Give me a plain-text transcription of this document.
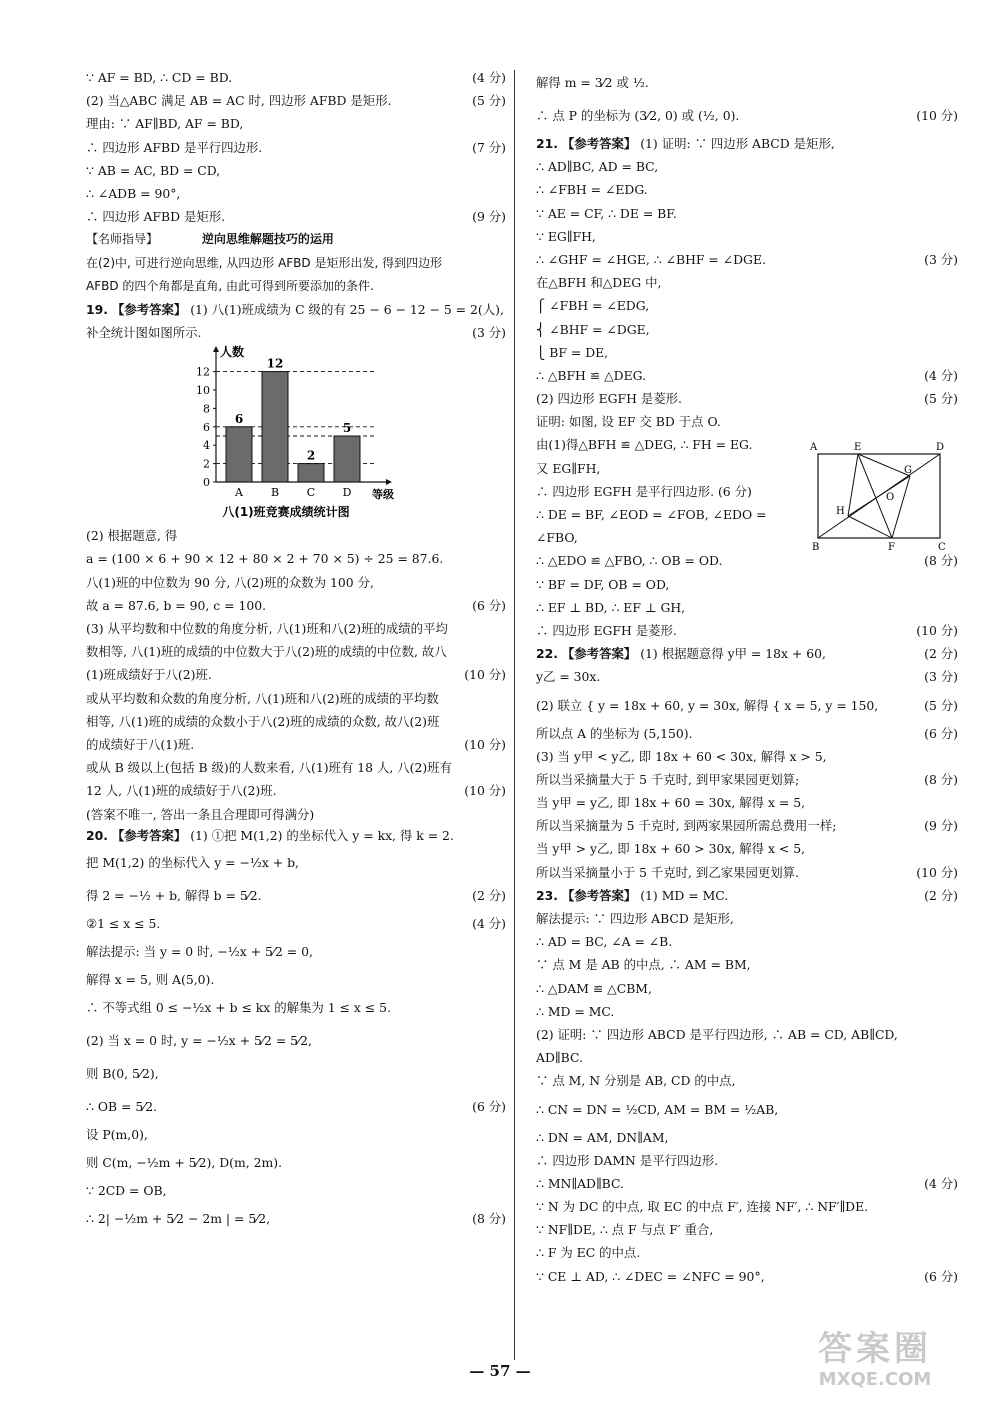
∵ AF = BD, ∴ CD = BD.	(4 分)
(2) 当△ABC 满足 AB = AC 时, 四边形 AFBD 是矩形.	(5 分)
理由: ∵ AF∥BD, AF = BD,
∴ 四边形 AFBD 是平行四边形.	(7 分)
∵ AB = AC, BD = CD,
∴ ∠ADB = 90°,
∴ 四边形 AFBD 是矩形.	(9 分)
【名师指导】	逆向思维解题技巧的运用
在(2)中, 可进行逆向思维, 从四边形 AFBD 是矩形出发, 得到四边形
AFBD 的四个角都是直角, 由此可得到所要添加的条件.
19. 【参考答案】 (1) 八(1)班成绩为 C 级的有 25 − 6 − 12 − 5 = 2(人),
补全统计图如图所示.	(3 分)
0
2
4
6
8
10
12
6
A
12
B
2
C
5
D
人数
等级
八(1)班竞赛成绩统计图
(2) 根据题意, 得
a = (100 × 6 + 90 × 12 + 80 × 2 + 70 × 5) ÷ 25 = 87.6.
八(1)班的中位数为 90 分, 八(2)班的众数为 100 分,
故 a = 87.6, b = 90, c = 100.	(6 分)
(3) 从平均数和中位数的角度分析, 八(1)班和八(2)班的成绩的平均
数相等, 八(1)班的成绩的中位数大于八(2)班的成绩的中位数, 故八
(1)班成绩好于八(2)班.	(10 分)
或从平均数和众数的角度分析, 八(1)班和八(2)班的成绩的平均数
相等, 八(1)班的成绩的众数小于八(2)班的成绩的众数, 故八(2)班
的成绩好于八(1)班.	(10 分)
或从 B 级以上(包括 B 级)的人数来看, 八(1)班有 18 人, 八(2)班有
12 人, 八(1)班的成绩好于八(2)班.	(10 分)
(答案不唯一, 答出一条且合理即可得满分)
20. 【参考答案】 (1) ①把 M(1,2) 的坐标代入 y = kx, 得 k = 2.
把 M(1,2) 的坐标代入 y = −½x + b,
得 2 = −½ + b, 解得 b = 5⁄2.	(2 分)
②1 ≤ x ≤ 5.	(4 分)
解法提示: 当 y = 0 时, −½x + 5⁄2 = 0,
解得 x = 5, 则 A(5,0).
∴ 不等式组 0 ≤ −½x + b ≤ kx 的解集为 1 ≤ x ≤ 5.
(2) 当 x = 0 时, y = −½x + 5⁄2 = 5⁄2,
则 B(0, 5⁄2),
∴ OB = 5⁄2.	(6 分)
设 P(m,0),
则 C(m, −½m + 5⁄2), D(m, 2m).
∵ 2CD = OB,
∴ 2| −½m + 5⁄2 − 2m | = 5⁄2,	(8 分)
解得 m = 3⁄2 或 ½.
∴ 点 P 的坐标为 (3⁄2, 0) 或 (½, 0).	(10 分)
21. 【参考答案】 (1) 证明: ∵ 四边形 ABCD 是矩形,
∴ AD∥BC, AD = BC,
∴ ∠FBH = ∠EDG.
∵ AE = CF, ∴ DE = BF.
∵ EG∥FH,
∴ ∠GHF = ∠HGE, ∴ ∠BHF = ∠DGE.	(3 分)
在△BFH 和△DEG 中,
⎧ ∠FBH = ∠EDG,
⎨ ∠BHF = ∠DGE,
⎩ BF = DE,
∴ △BFH ≌ △DEG.	(4 分)
(2) 四边形 EGFH 是菱形.	(5 分)
证明: 如图, 设 EF 交 BD 于点 O.
由(1)得△BFH ≌ △DEG, ∴ FH = EG.
又 EG∥FH,
∴ 四边形 EGFH 是平行四边形. (6 分)
∴ DE = BF, ∠EOD = ∠FOB, ∠EDO =
∠FBO,
∴ △EDO ≌ △FBO, ∴ OB = OD.	(8 分)
∵ BF = DF, OB = OD,
∴ EF ⊥ BD, ∴ EF ⊥ GH,
∴ 四边形 EGFH 是菱形.	(10 分)
22. 【参考答案】 (1) 根据题意得 y甲 = 18x + 60,	(2 分)
y乙 = 30x.	(3 分)
(2) 联立 { y = 18x + 60, y = 30x, 解得 { x = 5, y = 150,	(5 分)
所以点 A 的坐标为 (5,150).	(6 分)
(3) 当 y甲 < y乙, 即 18x + 60 < 30x, 解得 x > 5,
所以当采摘量大于 5 千克时, 到甲家果园更划算;	(8 分)
当 y甲 = y乙, 即 18x + 60 = 30x, 解得 x = 5,
所以当采摘量为 5 千克时, 到两家果园所需总费用一样;	(9 分)
当 y甲 > y乙, 即 18x + 60 > 30x, 解得 x < 5,
所以当采摘量小于 5 千克时, 到乙家果园更划算.	(10 分)
23. 【参考答案】 (1) MD = MC.	(2 分)
解法提示: ∵ 四边形 ABCD 是矩形,
∴ AD = BC, ∠A = ∠B.
∵ 点 M 是 AB 的中点, ∴ AM = BM,
∴ △DAM ≌ △CBM,
∴ MD = MC.
(2) 证明: ∵ 四边形 ABCD 是平行四边形, ∴ AB = CD, AB∥CD,
AD∥BC.
∵ 点 M, N 分别是 AB, CD 的中点,
∴ CN = DN = ½CD, AM = BM = ½AB,
∴ DN = AM, DN∥AM,
∴ 四边形 DAMN 是平行四边形.
∴ MN∥AD∥BC.	(4 分)
∵ N 为 DC 的中点, 取 EC 的中点 F′, 连接 NF′, ∴ NF′∥DE.
∵ NF∥DE, ∴ 点 F 与点 F′ 重合,
∴ F 为 EC 的中点.
∵ CE ⊥ AD, ∴ ∠DEC = ∠NFC = 90°,	(6 分)
A	E	D
G
O
H
B	F	C
— 57 —
答案圈
MXQE.COM
